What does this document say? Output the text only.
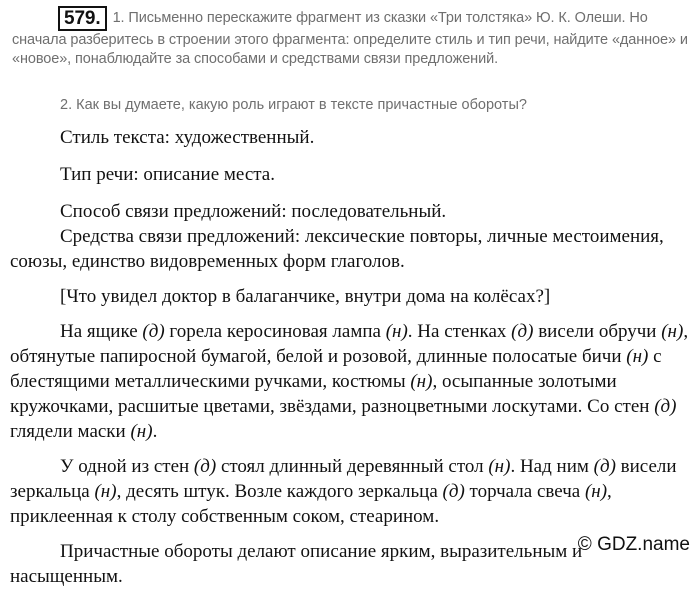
579. 1. Письменно перескажите фрагмент из сказки «Три толстяка» Ю. К. Олеши. Но сначала разберитесь в строении этого фрагмента: определите стиль и тип речи, найдите «данное» и «новое», понаблюдайте за способами и средствами связи предложений.
2. Как вы думаете, какую роль играют в тексте причастные обороты?

Стиль текста: художественный.

Тип речи: описание места.

Способ связи предложений: последовательный.

Средства связи предложений: лексические повторы, личные местоимения, союзы, единство видовременных форм глаголов.

[Что увидел доктор в балаганчике, внутри дома на колёсах?]

На ящике (д) горела керосиновая лампа (н). На стенках (д) висели обручи (н), обтянутые папиросной бумагой, белой и розовой, длинные полосатые бичи (н) с блестящими металлическими ручками, костюмы (н), осыпанные золотыми кружочками, расшитые цветами, звёздами, разноцветными лоскутами. Со стен (д) глядели маски (н).

У одной из стен (д) стоял длинный деревянный стол (н). Над ним (д) висели зеркальца (н), десять штук. Возле каждого зеркальца (д) торчала свеча (н), приклеенная к столу собственным соком, стеарином.

Причастные обороты делают описание ярким, выразительным и насыщенным.

© GDZ.name
